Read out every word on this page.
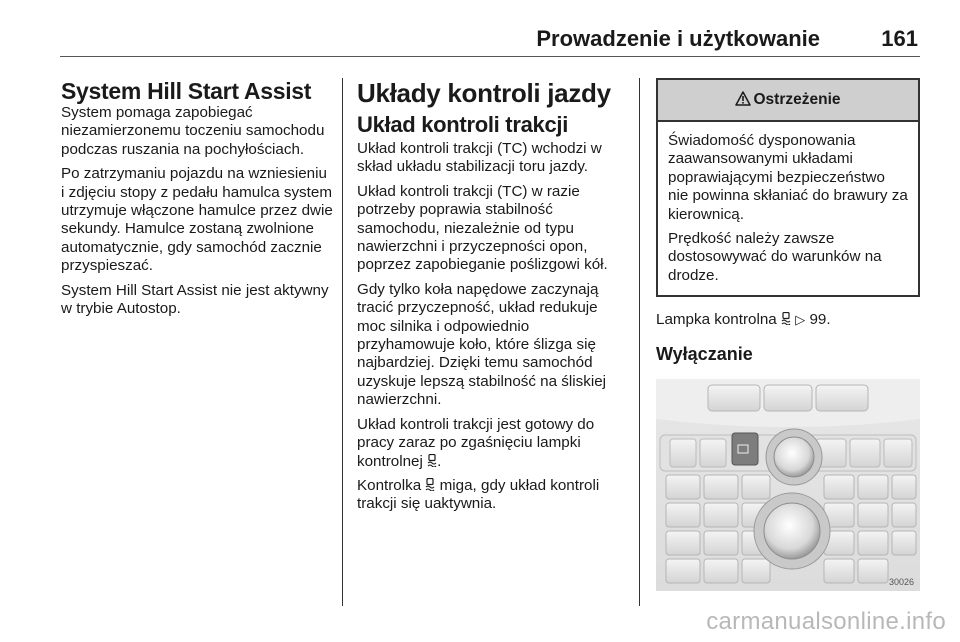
Prowadzenie i użytkowanie	161
System Hill Start Assist

System pomaga zapobiegać niezamierzonemu toczeniu samochodu podczas ruszania na pochyłościach.

Po zatrzymaniu pojazdu na wzniesieniu i zdjęciu stopy z pedału hamulca system utrzymuje włączone hamulce przez dwie sekundy. Hamulce zostaną zwolnione automatycznie, gdy samochód zacznie przyspieszać.

System Hill Start Assist nie jest aktywny w trybie Autostop.

Układy kontroli jazdy
Układ kontroli trakcji

Układ kontroli trakcji (TC) wchodzi w skład układu stabilizacji toru jazdy.

Układ kontroli trakcji (TC) w razie potrzeby poprawia stabilność samochodu, niezależnie od typu nawierzchni i przyczepności opon, poprzez zapobieganie poślizgowi kół.

Gdy tylko koła napędowe zaczynają tracić przyczepność, układ redukuje moc silnika i odpowiednio przyhamowuje koło, które ślizga się najbardziej. Dzięki temu samochód uzyskuje lepszą stabilność na śliskiej nawierzchni.

Układ kontroli trakcji jest gotowy do pracy zaraz po zgaśnięciu lampki kontrolnej .

Kontrolka miga, gdy układ kontroli trakcji się uaktywnia.

Ostrzeżenie

Świadomość dysponowania zaawansowanymi układami poprawiającymi bezpieczeństwo nie powinna skłaniać do brawury za kierownicą.

Prędkość należy zawsze dostosowywać do warunków na drodze.

Lampka kontrolna ▷ 99.

Wyłączanie
30026
carmanualsonline.info
